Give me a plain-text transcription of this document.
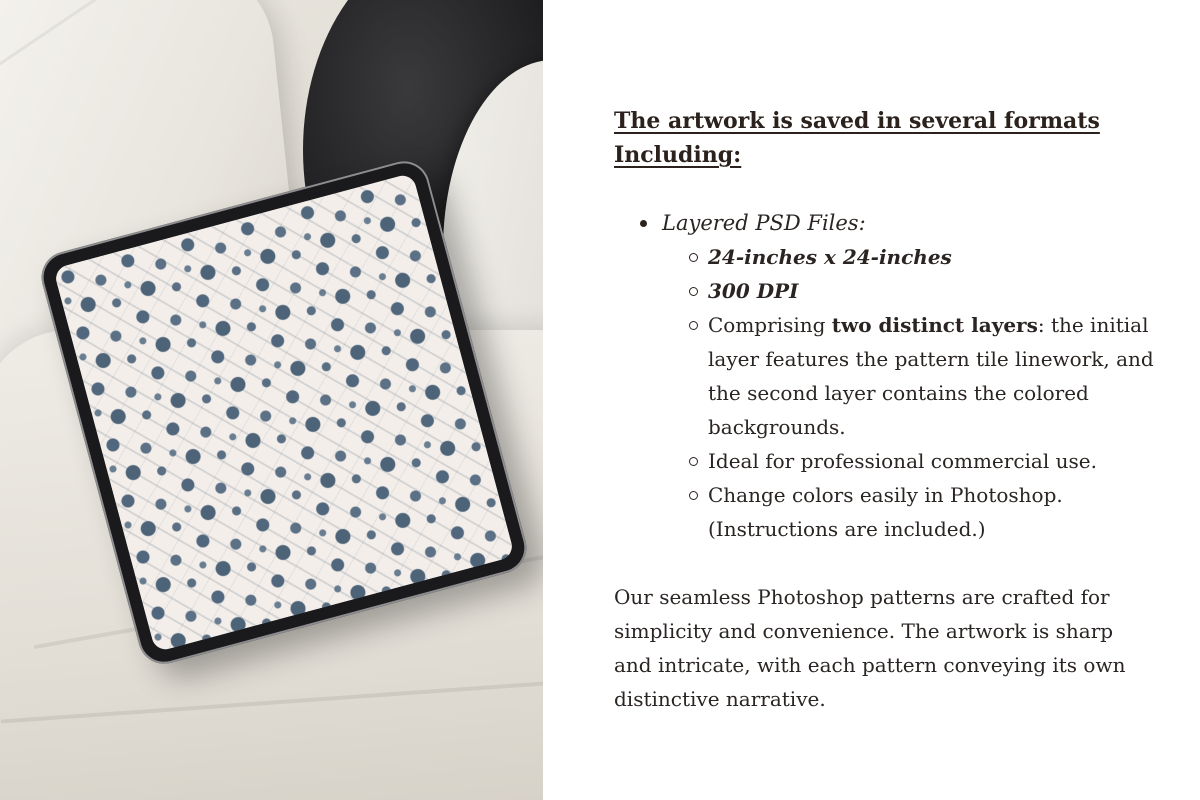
The artwork is saved in several formats
Including:
Layered PSD Files:
24-inches x 24-inches
300 DPI
Comprising two distinct layers: the initial layer features the pattern tile linework, and the second layer contains the colored backgrounds.
Ideal for professional commercial use.
Change colors easily in Photoshop.
(Instructions are included.)

Our seamless Photoshop patterns are crafted for simplicity and convenience. The artwork is sharp and intricate, with each pattern conveying its own distinctive narrative.
